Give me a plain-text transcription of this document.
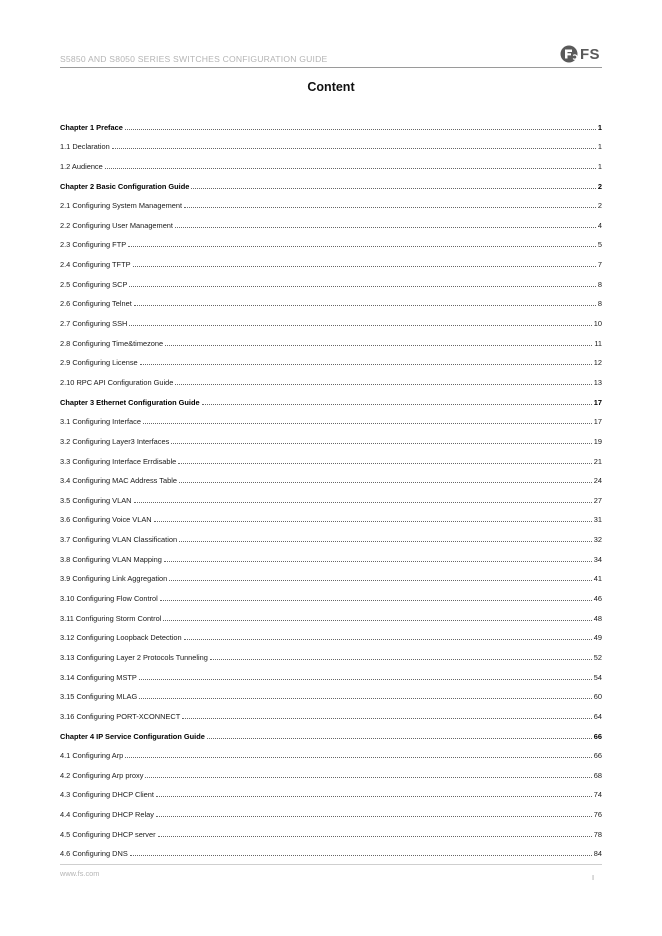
S5850 AND S8050 SERIES SWITCHES CONFIGURATION GUIDE	FS
Content
Chapter 1 Preface	1
1.1 Declaration	1
1.2 Audience	1
Chapter 2 Basic Configuration Guide	2
2.1 Configuring System Management	2
2.2 Configuring User Management	4
2.3 Configuring FTP	5
2.4 Configuring TFTP	7
2.5 Configuring SCP	8
2.6 Configuring Telnet	8
2.7 Configuring SSH	10
2.8 Configuring Time&timezone	11
2.9 Configuring License	12
2.10 RPC API Configuration Guide	13
Chapter 3 Ethernet Configuration Guide	17
3.1 Configuring Interface	17
3.2 Configuring Layer3 Interfaces	19
3.3 Configuring Interface Errdisable	21
3.4 Configuring MAC Address Table	24
3.5 Configuring VLAN	27
3.6 Configuring Voice VLAN	31
3.7 Configuring VLAN Classification	32
3.8 Configuring VLAN Mapping	34
3.9 Configuring Link Aggregation	41
3.10 Configuring Flow Control	46
3.11 Configuring Storm Control	48
3.12 Configuring Loopback Detection	49
3.13 Configuring Layer 2 Protocols Tunneling	52
3.14 Configuring MSTP	54
3.15 Configuring MLAG	60
3.16 Configuring PORT-XCONNECT	64
Chapter 4 IP Service Configuration Guide	66
4.1 Configuring Arp	66
4.2 Configuring Arp proxy	68
4.3 Configuring DHCP Client	74
4.4 Configuring DHCP Relay	76
4.5 Configuring DHCP server	78
4.6 Configuring DNS	84
www.fs.com	I
